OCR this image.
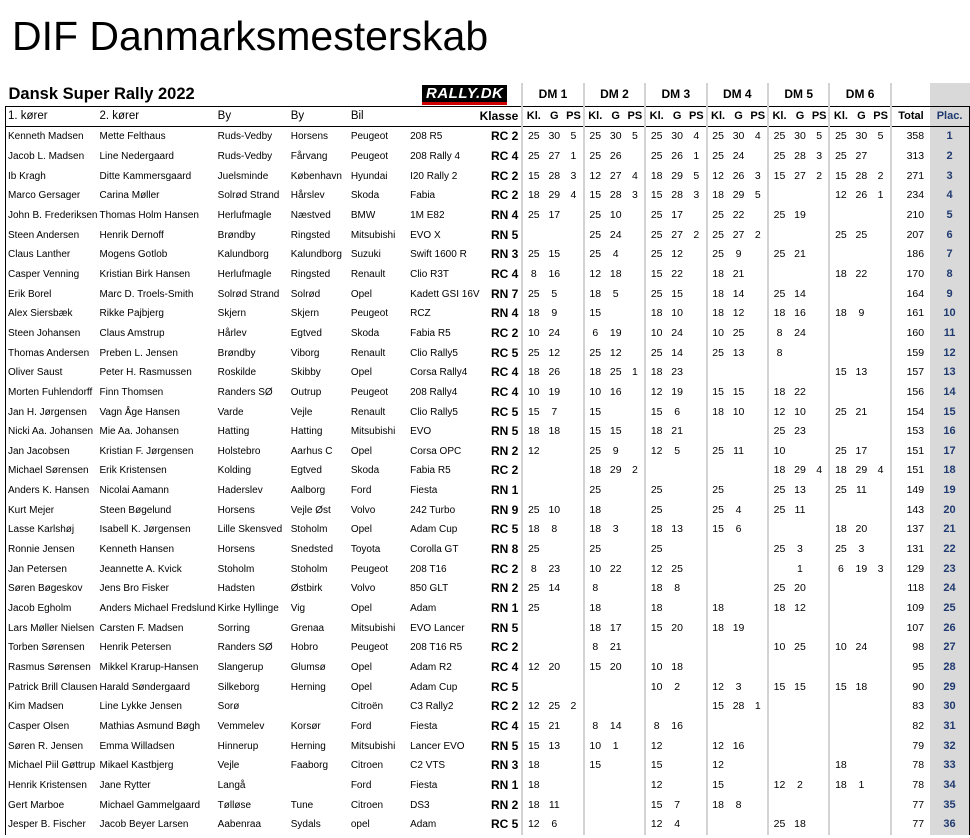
DIF Danmarksmesterskab
Dansk Super Rally 2022					RALLY.DK		DM 1			DM 2			DM 3			DM 4			DM 5			DM 6				
1. kører	2. kører	By	By	Bil		Klasse	Kl.	G	PS	Kl.	G	PS	Kl.	G	PS	Kl.	G	PS	Kl.	G	PS	Kl.	G	PS	Total	Plac.
Kenneth Madsen	Mette Felthaus	Ruds-Vedby	Horsens	Peugeot	208 R5	RC 2	25	30	5	25	30	5	25	30	4	25	30	4	25	30	5	25	30	5	358	1
Jacob L. Madsen	Line Nedergaard	Ruds-Vedby	Fårvang	Peugeot	208 Rally 4	RC 4	25	27	1	25	26		25	26	1	25	24		25	28	3	25	27		313	2
Ib Kragh	Ditte Kammersgaard	Juelsminde	København	Hyundai	I20 Rally 2	RC 2	15	28	3	12	27	4	18	29	5	12	26	3	15	27	2	15	28	2	271	3
Marco Gersager	Carina Møller	Solrød Strand	Hårslev	Skoda	Fabia	RC 2	18	29	4	15	28	3	15	28	3	18	29	5				12	26	1	234	4
John B. Frederiksen	Thomas Holm Hansen	Herlufmagle	Næstved	BMW	1M E82	RN 4	25	17		25	10		25	17		25	22		25	19					210	5
Steen Andersen	Henrik Dernoff	Brøndby	Ringsted	Mitsubishi	EVO X	RN 5				25	24		25	27	2	25	27	2				25	25		207	6
Claus Lanther	Mogens Gotlob	Kalundborg	Kalundborg	Suzuki	Swift 1600 R	RN 3	25	15		25	4		25	12		25	9		25	21					186	7
Casper Venning	Kristian Birk Hansen	Herlufmagle	Ringsted	Renault	Clio R3T	RC 4	8	16		12	18		15	22		18	21					18	22		170	8
Erik Borel	Marc D. Troels-Smith	Solrød Strand	Solrød	Opel	Kadett GSI 16V	RN 7	25	5		18	5		25	15		18	14		25	14					164	9
Alex Siersbæk	Rikke Pajbjerg	Skjern	Skjern	Peugeot	RCZ	RN 4	18	9		15			18	10		18	12		18	16		18	9		161	10
Steen Johansen	Claus Amstrup	Hårlev	Egtved	Skoda	Fabia R5	RC 2	10	24		6	19		10	24		10	25		8	24					160	11
Thomas Andersen	Preben L. Jensen	Brøndby	Viborg	Renault	Clio Rally5	RC 5	25	12		25	12		25	14		25	13		8						159	12
Oliver Saust	Peter H. Rasmussen	Roskilde	Skibby	Opel	Corsa Rally4	RC 4	18	26		18	25	1	18	23								15	13		157	13
Morten Fuhlendorff	Finn Thomsen	Randers SØ	Outrup	Peugeot	208 Rally4	RC 4	10	19		10	16		12	19		15	15		18	22					156	14
Jan H. Jørgensen	Vagn Åge Hansen	Varde	Vejle	Renault	Clio Rally5	RC 5	15	7		15			15	6		18	10		12	10		25	21		154	15
Nicki Aa. Johansen	Mie Aa. Johansen	Hatting	Hatting	Mitsubishi	EVO	RN 5	18	18		15	15		18	21					25	23					153	16
Jan Jacobsen	Kristian F. Jørgensen	Holstebro	Aarhus C	Opel	Corsa OPC	RN 2	12			25	9		12	5		25	11		10			25	17		151	17
Michael Sørensen	Erik Kristensen	Kolding	Egtved	Skoda	Fabia R5	RC 2				18	29	2							18	29	4	18	29	4	151	18
Anders K. Hansen	Nicolai Aamann	Haderslev	Aalborg	Ford	Fiesta	RN 1				25			25			25			25	13		25	11		149	19
Kurt Mejer	Steen Bøgelund	Horsens	Vejle Øst	Volvo	242 Turbo	RN 9	25	10		18			25			25	4		25	11					143	20
Lasse Karlshøj	Isabell K. Jørgensen	Lille Skensved	Stoholm	Opel	Adam Cup	RC 5	18	8		18	3		18	13		15	6					18	20		137	21
Ronnie Jensen	Kenneth Hansen	Horsens	Snedsted	Toyota	Corolla GT	RN 8	25			25			25						25	3		25	3		131	22
Jan Petersen	Jeannette A. Kvick	Stoholm	Stoholm	Peugeot	208 T16	RC 2	8	23		10	22		12	25						1		6	19	3	129	23
Søren Bøgeskov	Jens Bro Fisker	Hadsten	Østbirk	Volvo	850 GLT	RN 2	25	14		8			18	8					25	20					118	24
Jacob Egholm	Anders Michael Fredslund	Kirke Hyllinge	Vig	Opel	Adam	RN 1	25			18			18			18			18	12					109	25
Lars Møller Nielsen	Carsten F. Madsen	Sorring	Grenaa	Mitsubishi	EVO Lancer	RN 5				18	17		15	20		18	19								107	26
Torben Sørensen	Henrik Petersen	Randers SØ	Hobro	Peugeot	208 T16 R5	RC 2				8	21								10	25		10	24		98	27
Rasmus Sørensen	Mikkel Krarup-Hansen	Slangerup	Glumsø	Opel	Adam R2	RC 4	12	20		15	20		10	18											95	28
Patrick Brill Clausen	Harald Søndergaard	Silkeborg	Herning	Opel	Adam Cup	RC 5							10	2		12	3		15	15		15	18		90	29
Kim Madsen	Line Lykke Jensen	Sorø		Citroën	C3 Rally2	RC 2	12	25	2							15	28	1							83	30
Casper Olsen	Mathias Asmund Bøgh	Vemmelev	Korsør	Ford	Fiesta	RC 4	15	21		8	14		8	16											82	31
Søren R. Jensen	Emma Willadsen	Hinnerup	Herning	Mitsubishi	Lancer EVO	RN 5	15	13		10	1		12			12	16								79	32
Michael Piil Gøttrup	Mikael Kastbjerg	Vejle	Faaborg	Citroen	C2 VTS	RN 3	18			15			15			12						18			78	33
Henrik Kristensen	Jane Rytter	Langå		Ford	Fiesta	RN 1	18						12			15			12	2		18	1		78	34
Gert Marboe	Michael Gammelgaard	Tølløse	Tune	Citroen	DS3	RN 2	18	11					15	7		18	8								77	35
Jesper B. Fischer	Jacob Beyer Larsen	Aabenraa	Sydals	opel	Adam	RC 5	12	6					12	4					25	18					77	36
